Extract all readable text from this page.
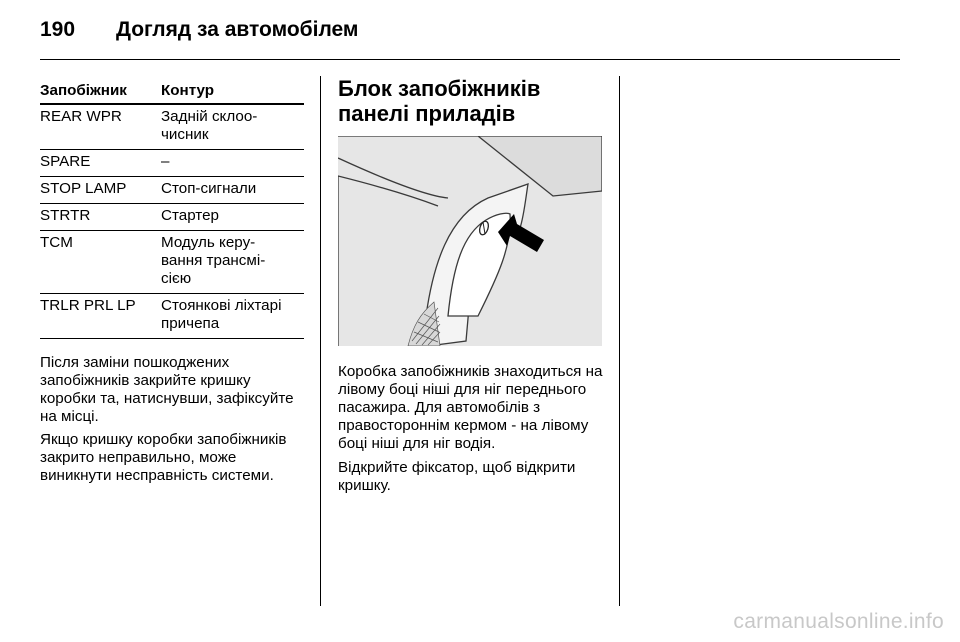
190 Догляд за автомобілем
Запобіжник	Контур
REAR WPR	Задній склоо-
чисник
SPARE	–
STOP LAMP	Стоп-сигнали
STRTR	Стартер
TCM	Модуль керу-
вання трансмі-
сією
TRLR PRL LP	Стоянкові ліхтарі
причепа

Після заміни пошкоджених запобіжників закрийте кришку коробки та, натиснувши, зафіксуйте на місці.

Якщо кришку коробки запобіжників закрито неправильно, може виникнути несправність системи.

Блок запобіжників панелі приладів

Коробка запобіжників знаходиться на лівому боці ніші для ніг переднього пасажира. Для автомобілів з правостороннім кермом - на лівому боці ніші для ніг водія.

Відкрийте фіксатор, щоб відкрити кришку.

carmanualsonline.info
